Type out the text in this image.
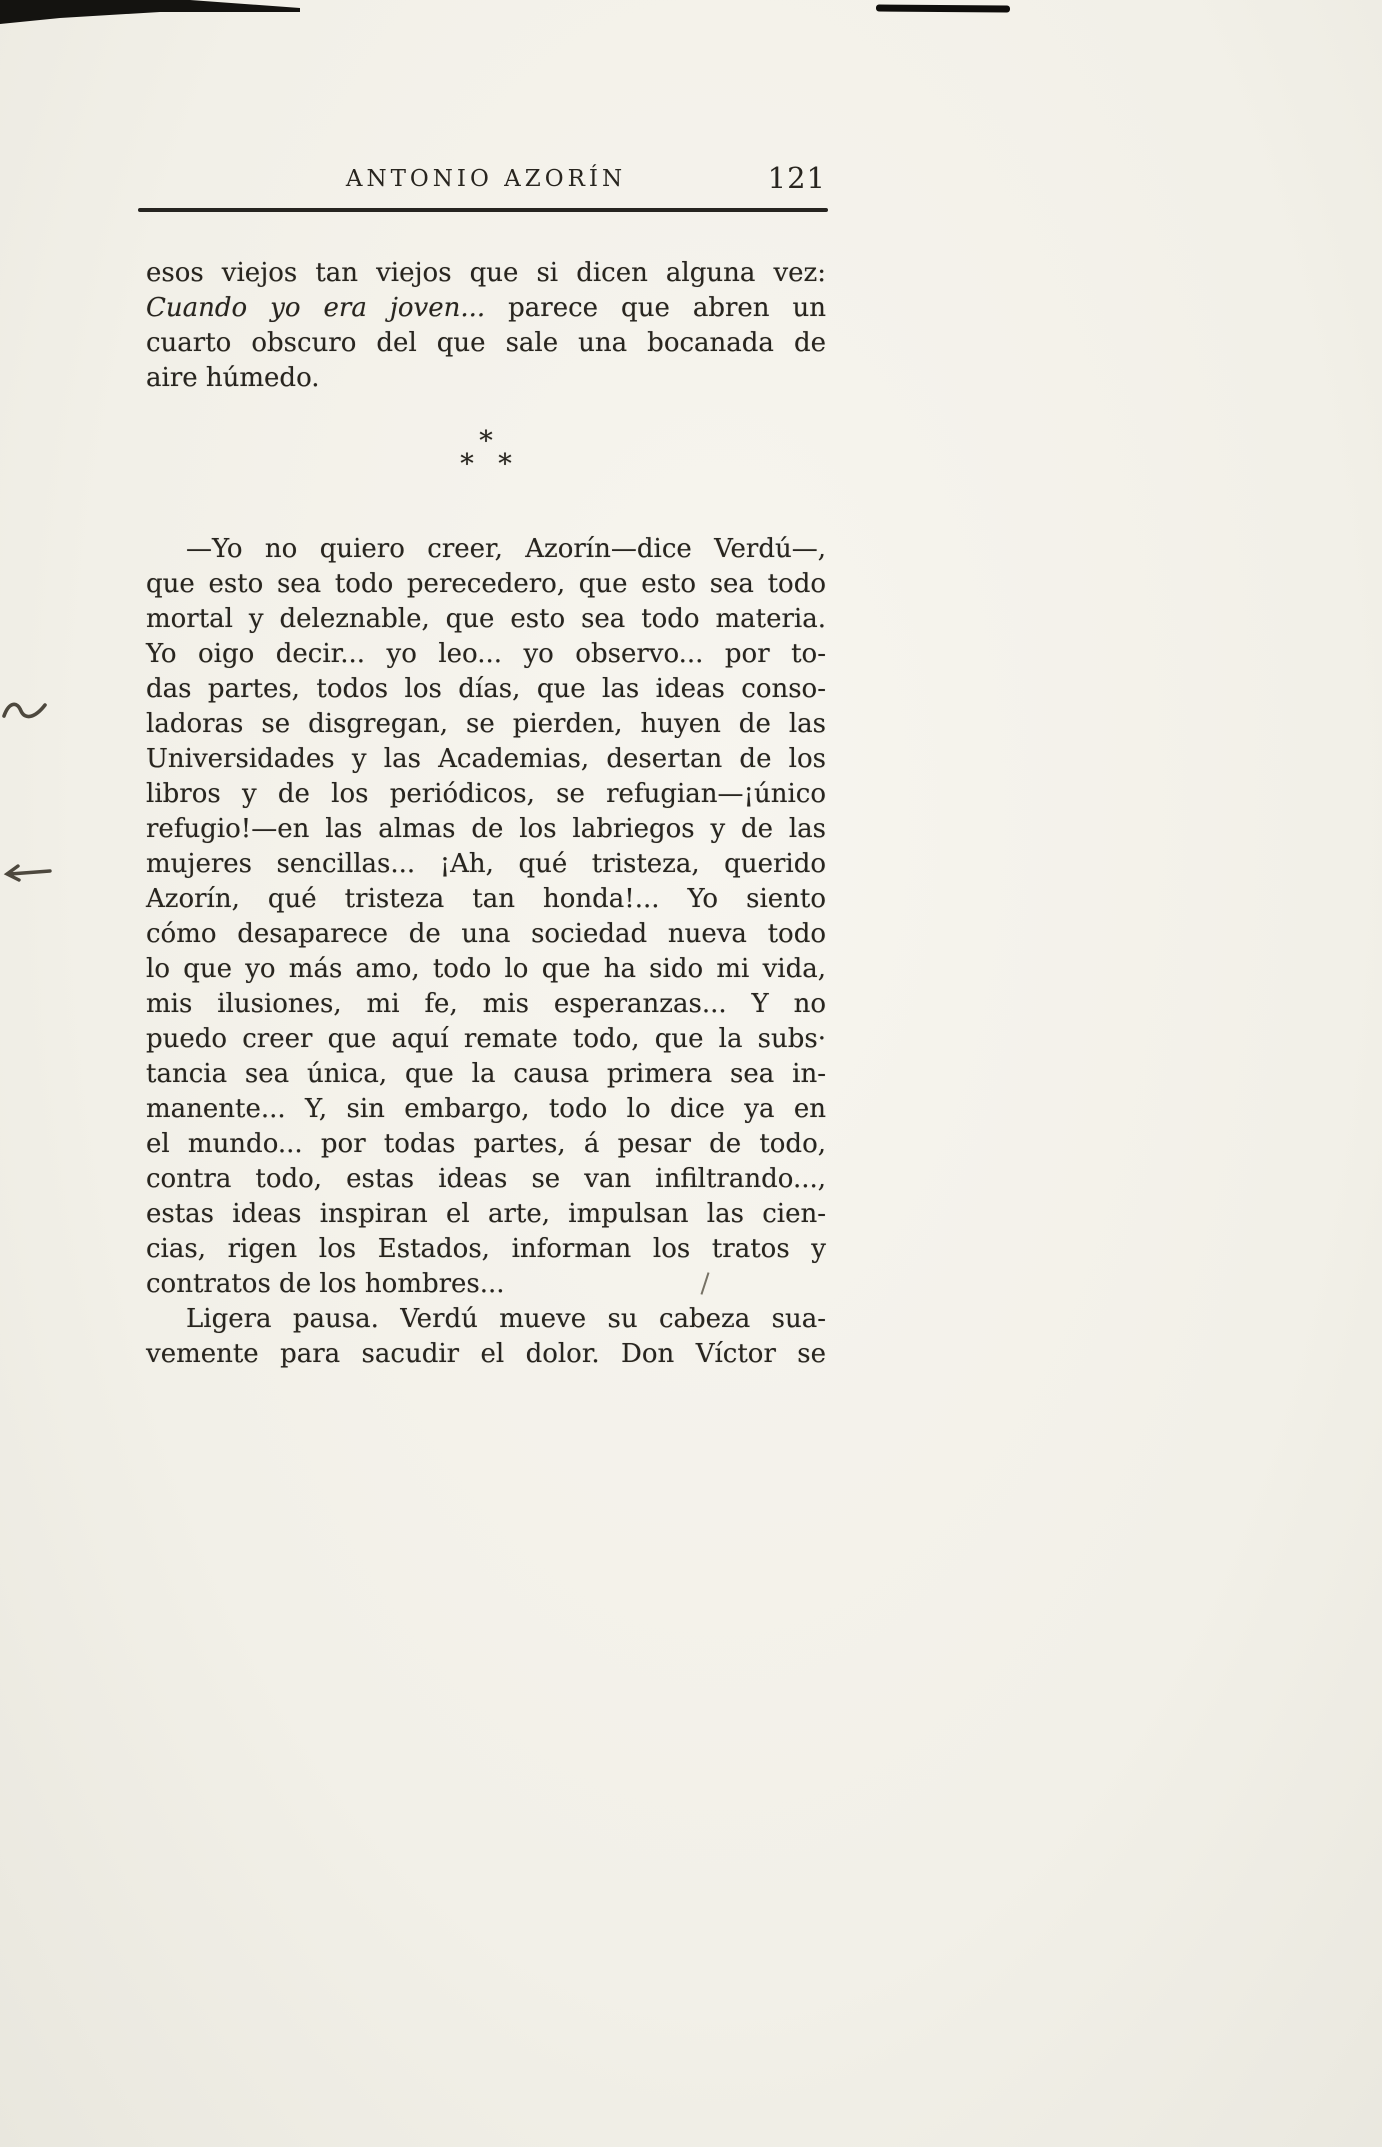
ANTONIO AZORÍN	121
esos viejos tan viejos que si dicen alguna vez:
Cuando yo era joven... parece que abren un
cuarto obscuro del que sale una bocanada de
aire húmedo.
*
* *
—Yo no quiero creer, Azorín—dice Verdú—,
que esto sea todo perecedero, que esto sea todo
mortal y deleznable, que esto sea todo materia.
Yo oigo decir... yo leo... yo observo... por to-
das partes, todos los días, que las ideas conso-
ladoras se disgregan, se pierden, huyen de las
Universidades y las Academias, desertan de los
libros y de los periódicos, se refugian—¡único
refugio!—en las almas de los labriegos y de las
mujeres sencillas... ¡Ah, qué tristeza, querido
Azorín, qué tristeza tan honda!... Yo siento
cómo desaparece de una sociedad nueva todo
lo que yo más amo, todo lo que ha sido mi vida,
mis ilusiones, mi fe, mis esperanzas... Y no
puedo creer que aquí remate todo, que la subs·
tancia sea única, que la causa primera sea in-
manente... Y, sin embargo, todo lo dice ya en
el mundo... por todas partes, á pesar de todo,
contra todo, estas ideas se van infiltrando...,
estas ideas inspiran el arte, impulsan las cien-
cias, rigen los Estados, informan los tratos y
contratos de los hombres...
Ligera pausa. Verdú mueve su cabeza sua-
vemente para sacudir el dolor. Don Víctor se
